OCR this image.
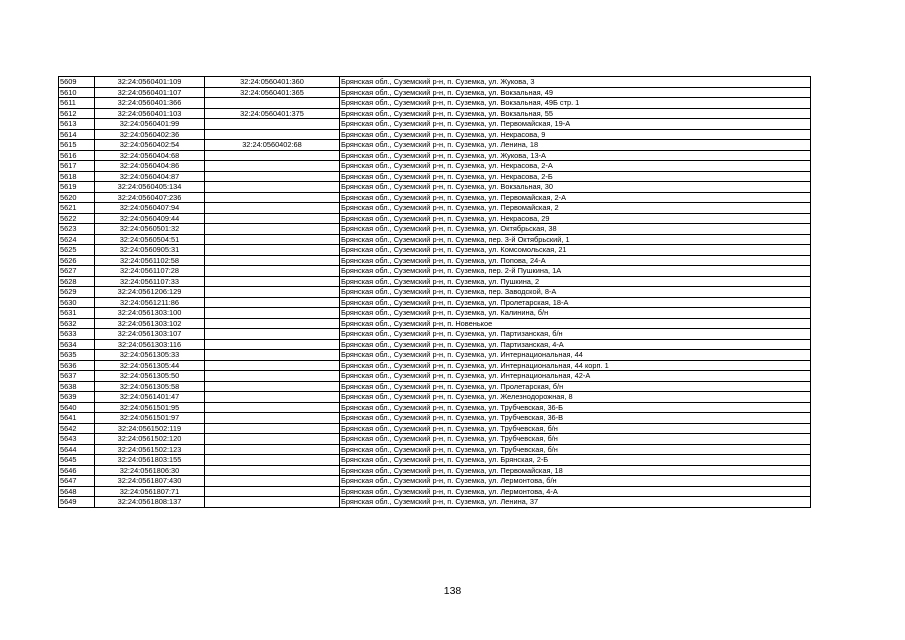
5609	32:24:0560401:109	32:24:0560401:360	Брянская обл., Суземский р-н, п. Суземка, ул. Жукова, 3
5610	32:24:0560401:107	32:24:0560401:365	Брянская обл., Суземский р-н, п. Суземка, ул. Вокзальная, 49
5611	32:24:0560401:366		Брянская обл., Суземский р-н, п. Суземка, ул. Вокзальная, 49Б стр. 1
5612	32:24:0560401:103	32:24:0560401:375	Брянская обл., Суземский р-н, п. Суземка, ул. Вокзальная, 55
5613	32:24:0560401:99		Брянская обл., Суземский р-н, п. Суземка, ул. Первомайская, 19-А
5614	32:24:0560402:36		Брянская обл., Суземский р-н, п. Суземка, ул. Некрасова, 9
5615	32:24:0560402:54	32:24:0560402:68	Брянская обл., Суземский р-н, п. Суземка, ул. Ленина, 18
5616	32:24:0560404:68		Брянская обл., Суземский р-н, п. Суземка, ул. Жукова, 13-А
5617	32:24:0560404:86		Брянская обл., Суземский р-н, п. Суземка, ул. Некрасова, 2-А
5618	32:24:0560404:87		Брянская обл., Суземский р-н, п. Суземка, ул. Некрасова, 2-Б
5619	32:24:0560405:134		Брянская обл., Суземский р-н, п. Суземка, ул. Вокзальная, 30
5620	32:24:0560407:236		Брянская обл., Суземский р-н, п. Суземка, ул. Первомайская, 2-А
5621	32:24:0560407:94		Брянская обл., Суземский р-н, п. Суземка, ул. Первомайская, 2
5622	32:24:0560409:44		Брянская обл., Суземский р-н, п. Суземка, ул. Некрасова, 29
5623	32:24:0560501:32		Брянская обл., Суземский р-н, п. Суземка, ул. Октябрьская, 38
5624	32:24:0560504:51		Брянская обл., Суземский р-н, п. Суземка, пер. 3-й Октябрьский, 1
5625	32:24:0560905:31		Брянская обл., Суземский р-н, п. Суземка, ул. Комсомольская, 21
5626	32:24:0561102:58		Брянская обл., Суземский р-н, п. Суземка, ул. Попова, 24-А
5627	32:24:0561107:28		Брянская обл., Суземский р-н, п. Суземка, пер. 2-й Пушкина, 1А
5628	32:24:0561107:33		Брянская обл., Суземский р-н, п. Суземка, ул. Пушкина, 2
5629	32:24:0561206:129		Брянская обл., Суземский р-н, п. Суземка, пер. Заводской, 8-А
5630	32:24:0561211:86		Брянская обл., Суземский р-н, п. Суземка, ул. Пролетарская, 18-А
5631	32:24:0561303:100		Брянская обл., Суземский р-н, п. Суземка, ул. Калинина, б/н
5632	32:24:0561303:102		Брянская обл., Суземский р-н, п. Новенькое
5633	32:24:0561303:107		Брянская обл., Суземский р-н, п. Суземка, ул. Партизанская, б/н
5634	32:24:0561303:116		Брянская обл., Суземский р-н, п. Суземка, ул. Партизанская, 4-А
5635	32:24:0561305:33		Брянская обл., Суземский р-н, п. Суземка, ул. Интернациональная, 44
5636	32:24:0561305:44		Брянская обл., Суземский р-н, п. Суземка, ул. Интернациональная, 44 корп. 1
5637	32:24:0561305:50		Брянская обл., Суземский р-н, п. Суземка, ул. Интернациональная, 42-А
5638	32:24:0561305:58		Брянская обл., Суземский р-н, п. Суземка, ул. Пролетарская, б/н
5639	32:24:0561401:47		Брянская обл., Суземский р-н, п. Суземка, ул. Железнодорожная, 8
5640	32:24:0561501:95		Брянская обл., Суземский р-н, п. Суземка, ул. Трубчевская, 36-Б
5641	32:24:0561501:97		Брянская обл., Суземский р-н, п. Суземка, ул. Трубчевская, 36-В
5642	32:24:0561502:119		Брянская обл., Суземский р-н, п. Суземка, ул. Трубчевская, б/н
5643	32:24:0561502:120		Брянская обл., Суземский р-н, п. Суземка, ул. Трубчевская, б/н
5644	32:24:0561502:123		Брянская обл., Суземский р-н, п. Суземка, ул. Трубчевская, б/н
5645	32:24:0561803:155		Брянская обл., Суземский р-н, п. Суземка, ул. Брянская, 2-Б
5646	32:24:0561806:30		Брянская обл., Суземский р-н, п. Суземка, ул. Первомайская, 18
5647	32:24:0561807:430		Брянская обл., Суземский р-н, п. Суземка, ул. Лермонтова, б/н
5648	32:24:0561807:71		Брянская обл., Суземский р-н, п. Суземка, ул. Лермонтова, 4-А
5649	32:24:0561808:137		Брянская обл., Суземский р-н, п. Суземка, ул. Ленина, 37
138
